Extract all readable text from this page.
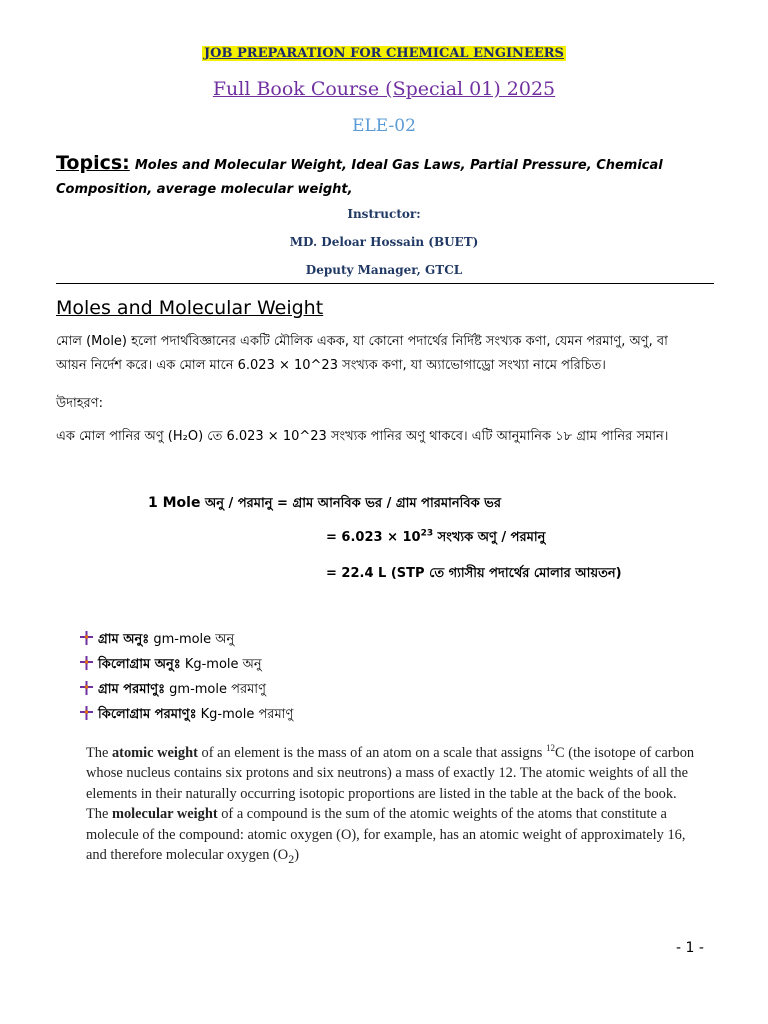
JOB PREPARATION FOR CHEMICAL ENGINEERS
Full Book Course (Special 01) 2025
ELE-02
Topics: Moles and Molecular Weight, Ideal Gas Laws, Partial Pressure, Chemical Composition, average molecular weight,
Instructor:
MD. Deloar Hossain (BUET)
Deputy Manager, GTCL
Moles and Molecular Weight
মোল (Mole) হলো পদার্থবিজ্ঞানের একটি মৌলিক একক, যা কোনো পদার্থের নির্দিষ্ট সংখ্যক কণা, যেমন পরমাণু, অণু, বা
আয়ন নির্দেশ করে। এক মোল মানে 6.023 × 10^23 সংখ্যক কণা, যা অ্যাভোগাড্রো সংখ্যা নামে পরিচিত।
উদাহরণ:
এক মোল পানির অণু (H₂O) তে 6.023 × 10^23 সংখ্যক পানির অণু থাকবে। এটি আনুমানিক ১৮ গ্রাম পানির সমান।
1 Mole অনু / পরমানু = গ্রাম আনবিক ভর / গ্রাম পারমানবিক ভর
= $6.023 \times 10^{23}$ সংখ্যক অণু / পরমানু
= 22.4 L (STP তে গ্যাসীয় পদার্থের মোলার আয়তন)
গ্রাম অনুঃ gm-mole অনু
কিলোগ্রাম অনুঃ Kg-mole অনু
গ্রাম পরমাণুঃ gm-mole পরমাণু
কিলোগ্রাম পরমাণুঃ Kg-mole পরমাণু
The atomic weight of an element is the mass of an atom on a scale that assigns $^{12}$C (the isotope of carbon whose nucleus contains six protons and six neutrons) a mass of exactly 12. The atomic weights of all the elements in their naturally occurring isotopic proportions are listed in the table at the back of the book. The molecular weight of a compound is the sum of the atomic weights of the atoms that constitute a molecule of the compound: atomic oxygen (O), for example, has an atomic weight of approximately 16, and therefore molecular oxygen $(O_2)$
- 1 -
